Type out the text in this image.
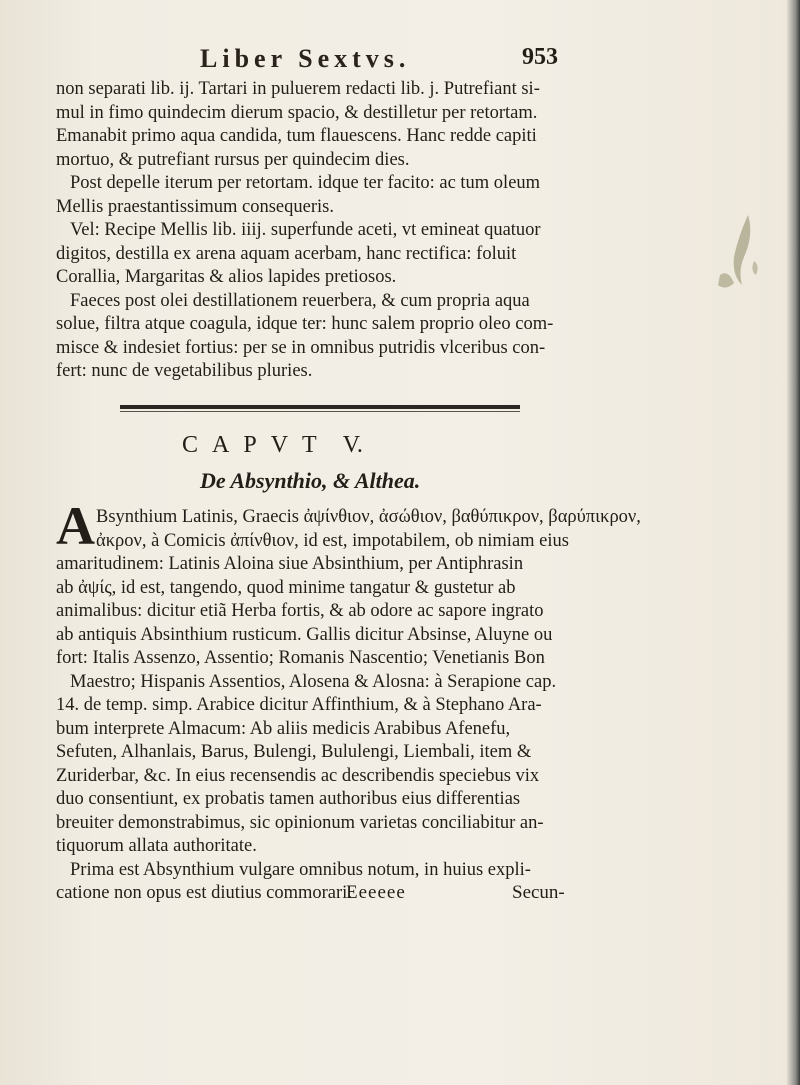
Liber Sextvs.	953
non separati lib. ij. Tartari in puluerem redacti lib. j. Putrefiant si-
mul in fimo quindecim dierum spacio, & destilletur per retortam.
Emanabit primo aqua candida, tum flauescens. Hanc redde capiti
mortuo, & putrefiant rursus per quindecim dies.
Post depelle iterum per retortam. idque ter facito: ac tum oleum
Mellis praestantissimum consequeris.
Vel: Recipe Mellis lib. iiij. superfunde aceti, vt emineat quatuor
digitos, destilla ex arena aquam acerbam, hanc rectifica: foluit
Corallia, Margaritas & alios lapides pretiosos.
Faeces post olei destillationem reuerbera, & cum propria aqua
solue, filtra atque coagula, idque ter: hunc salem proprio oleo com-
misce & indesiet fortius: per se in omnibus putridis vlceribus con-
fert: nunc de vegetabilibus pluries.
CAPVT V.
De Absynthio, & Althea.
A Bsynthium Latinis, Graecis ἀψίνθιον, ἀσώθιον, βαθύπικρον, βαρύπικρον,
ἀκρον, à Comicis ἀπίνθιον, id est, impotabilem, ob nimiam eius
amaritudinem: Latinis Aloina siue Absinthium, per Antiphrasin
ab ἀψίς, id est, tangendo, quod minime tangatur & gustetur ab
animalibus: dicitur etiã Herba fortis, & ab odore ac sapore ingrato
ab antiquis Absinthium rusticum. Gallis dicitur Absinse, Aluyne ou
fort: Italis Assenzo, Assentio; Romanis Nascentio; Venetianis Bon
Maestro; Hispanis Assentios, Alosena & Alosna: à Serapione cap.
14. de temp. simp. Arabice dicitur Affinthium, & à Stephano Ara-
bum interprete Almacum: Ab aliis medicis Arabibus Afenefu,
Sefuten, Alhanlais, Barus, Bulengi, Bululengi, Liembali, item &
Zuriderbar, &c. In eius recensendis ac describendis speciebus vix
duo consentiunt, ex probatis tamen authoribus eius differentias
breuiter demonstrabimus, sic opinionum varietas conciliabitur an-
tiquorum allata authoritate.
Prima est Absynthium vulgare omnibus notum, in huius expli-
catione non opus est diutius commorari.
Eeeeee	Secun-
